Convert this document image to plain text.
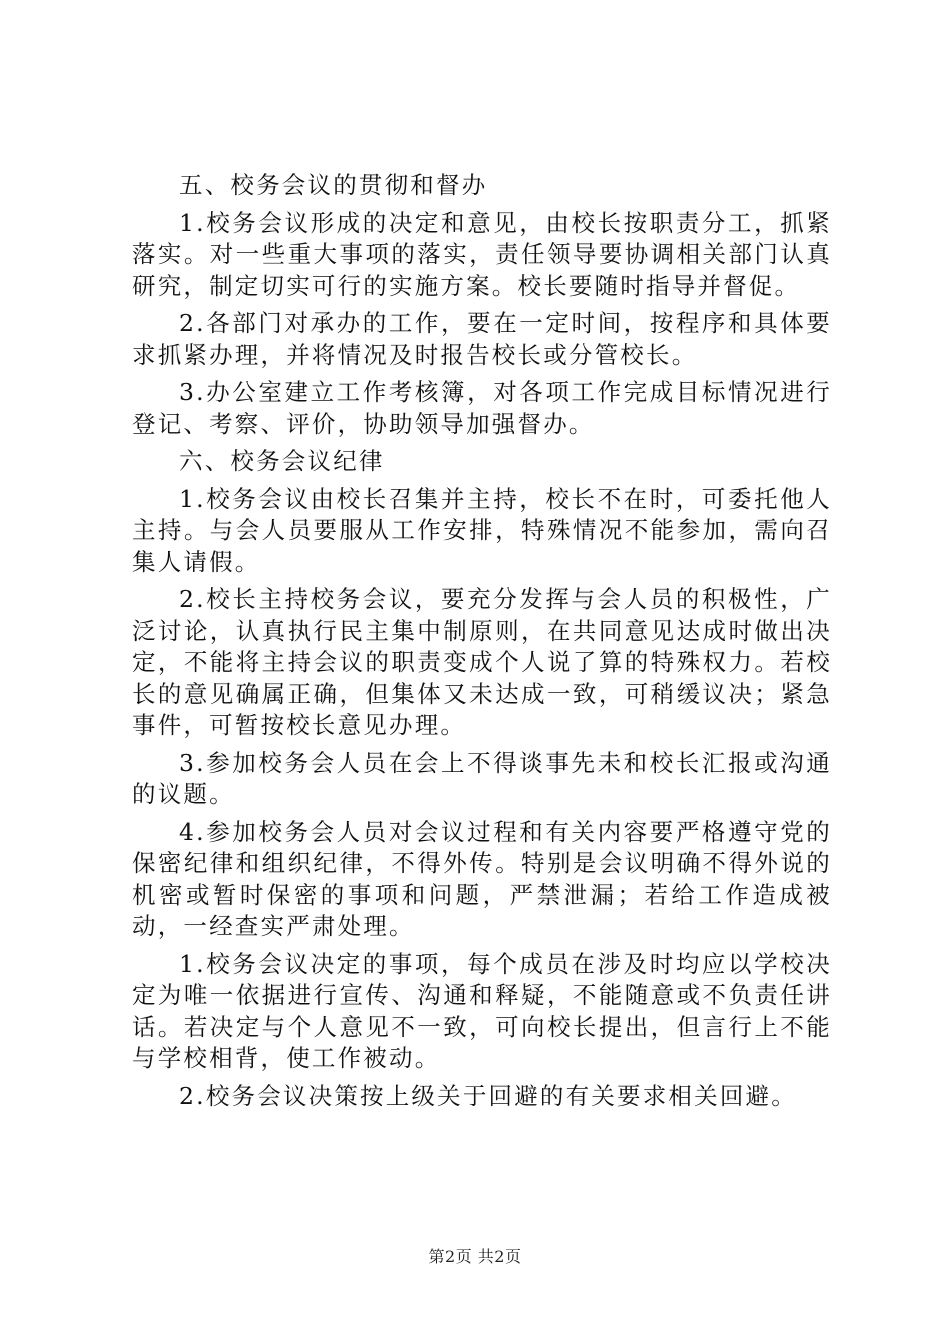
五、校务会议的贯彻和督办

1.校务会议形成的决定和意见，由校长按职责分工，抓紧落实。对一些重大事项的落实，责任领导要协调相关部门认真研究，制定切实可行的实施方案。校长要随时指导并督促。

2.各部门对承办的工作，要在一定时间，按程序和具体要求抓紧办理，并将情况及时报告校长或分管校长。

3.办公室建立工作考核簿，对各项工作完成目标情况进行登记、考察、评价，协助领导加强督办。

六、校务会议纪律

1.校务会议由校长召集并主持，校长不在时，可委托他人主持。与会人员要服从工作安排，特殊情况不能参加，需向召集人请假。

2.校长主持校务会议，要充分发挥与会人员的积极性，广泛讨论，认真执行民主集中制原则，在共同意见达成时做出决定，不能将主持会议的职责变成个人说了算的特殊权力。若校长的意见确属正确，但集体又未达成一致，可稍缓议决；紧急事件，可暂按校长意见办理。

3.参加校务会人员在会上不得谈事先未和校长汇报或沟通的议题。

4.参加校务会人员对会议过程和有关内容要严格遵守党的保密纪律和组织纪律，不得外传。特别是会议明确不得外说的机密或暂时保密的事项和问题，严禁泄漏；若给工作造成被动，一经查实严肃处理。

1.校务会议决定的事项，每个成员在涉及时均应以学校决定为唯一依据进行宣传、沟通和释疑，不能随意或不负责任讲话。若决定与个人意见不一致，可向校长提出，但言行上不能与学校相背，使工作被动。

2.校务会议决策按上级关于回避的有关要求相关回避。

第2页 共2页
